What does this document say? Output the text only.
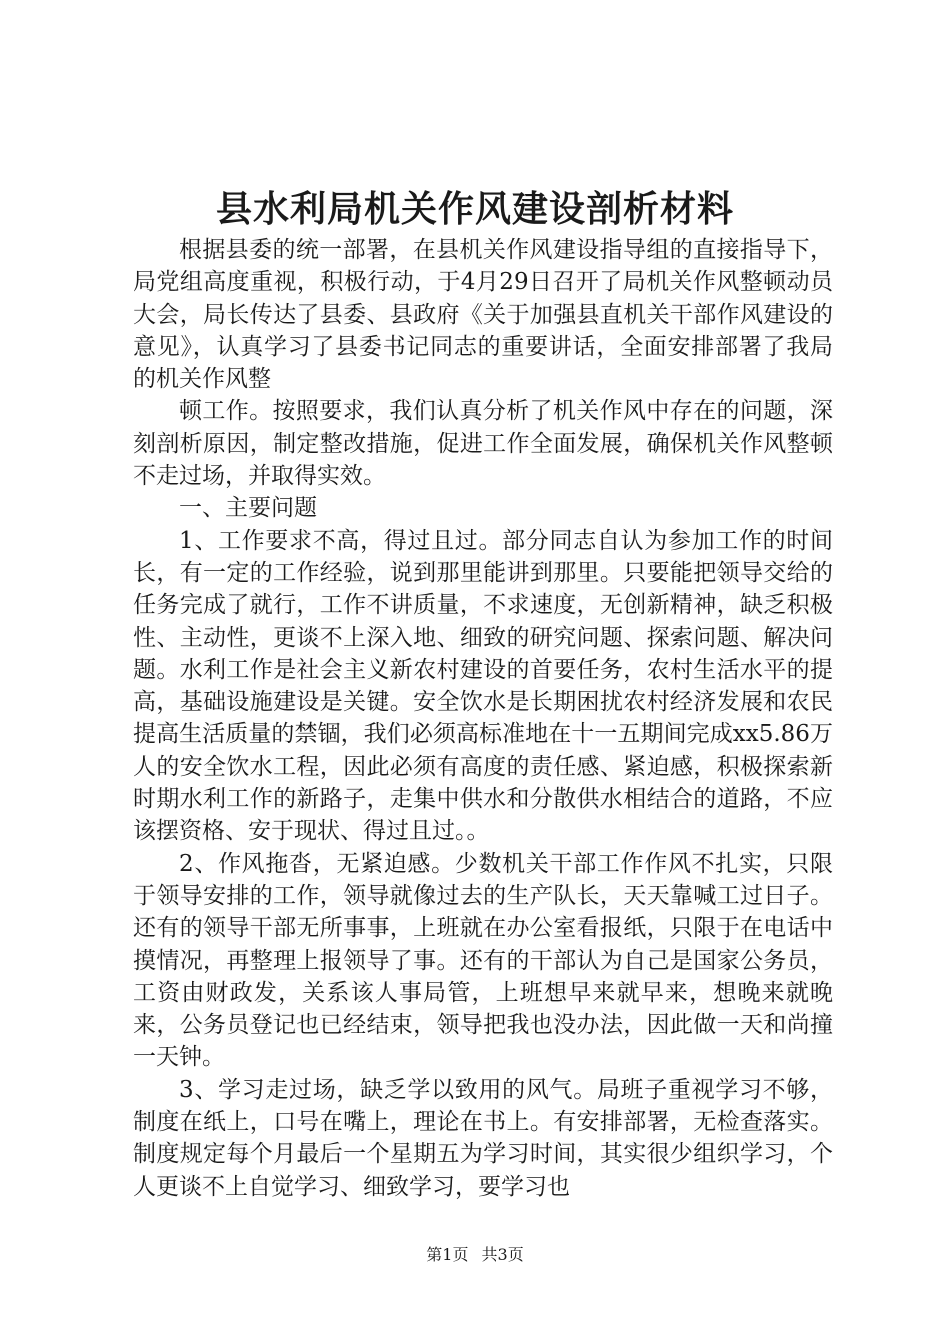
县水利局机关作风建设剖析材料

根据县委的统一部署，在县机关作风建设指导组的直接指导下，局党组高度重视，积极行动，于4月29日召开了局机关作风整顿动员大会，局长传达了县委、县政府《关于加强县直机关干部作风建设的意见》，认真学习了县委书记同志的重要讲话，全面安排部署了我局的机关作风整

顿工作。按照要求，我们认真分析了机关作风中存在的问题，深刻剖析原因，制定整改措施，促进工作全面发展，确保机关作风整顿不走过场，并取得实效。

一、主要问题

1、工作要求不高，得过且过。部分同志自认为参加工作的时间长，有一定的工作经验，说到那里能讲到那里。只要能把领导交给的任务完成了就行，工作不讲质量，不求速度，无创新精神，缺乏积极性、主动性，更谈不上深入地、细致的研究问题、探索问题、解决问题。水利工作是社会主义新农村建设的首要任务，农村生活水平的提高，基础设施建设是关键。安全饮水是长期困扰农村经济发展和农民提高生活质量的禁锢，我们必须高标准地在十一五期间完成xx5.86万人的安全饮水工程，因此必须有高度的责任感、紧迫感，积极探索新时期水利工作的新路子，走集中供水和分散供水相结合的道路，不应该摆资格、安于现状、得过且过。。

2、作风拖沓，无紧迫感。少数机关干部工作作风不扎实，只限于领导安排的工作，领导就像过去的生产队长，天天靠喊工过日子。还有的领导干部无所事事，上班就在办公室看报纸，只限于在电话中摸情况，再整理上报领导了事。还有的干部认为自己是国家公务员，工资由财政发，关系该人事局管，上班想早来就早来，想晚来就晚来，公务员登记也已经结束，领导把我也没办法，因此做一天和尚撞一天钟。

3、学习走过场，缺乏学以致用的风气。局班子重视学习不够，制度在纸上，口号在嘴上，理论在书上。有安排部署，无检查落实。制度规定每个月最后一个星期五为学习时间，其实很少组织学习，个人更谈不上自觉学习、细致学习，要学习也

第1页 共3页
